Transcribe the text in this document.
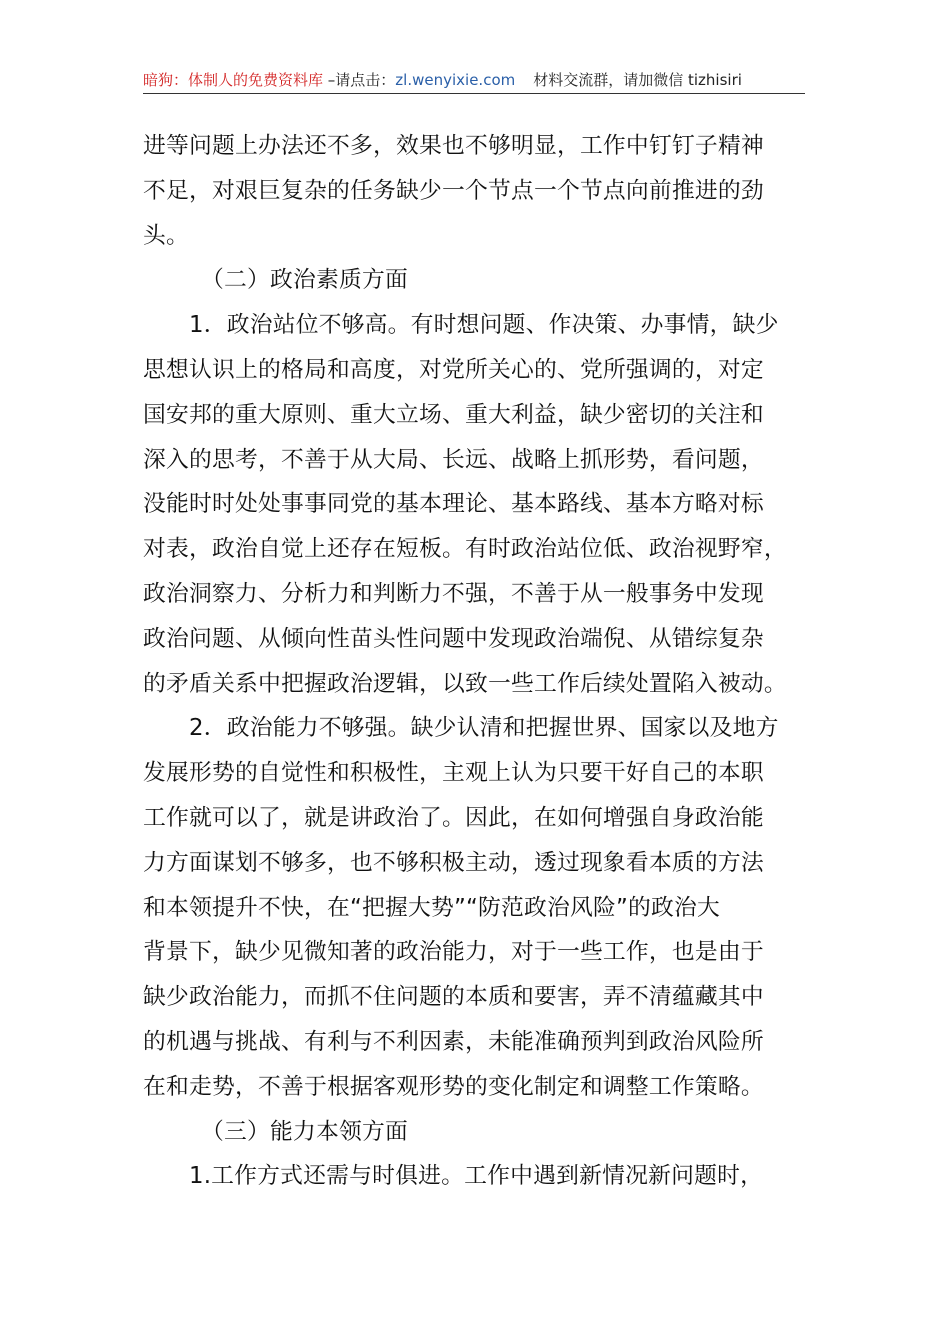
暗狗：体制人的免费资料库 –请点击：zl.wenyixie.com 材料交流群，请加微信 tizhisiri
进等问题上办法还不多，效果也不够明显，工作中钉钉子精神
不足，对艰巨复杂的任务缺少一个节点一个节点向前推进的劲
头。
（二）政治素质方面
1．政治站位不够高。有时想问题、作决策、办事情，缺少
思想认识上的格局和高度，对党所关心的、党所强调的，对定
国安邦的重大原则、重大立场、重大利益，缺少密切的关注和
深入的思考，不善于从大局、长远、战略上抓形势，看问题，
没能时时处处事事同党的基本理论、基本路线、基本方略对标
对表，政治自觉上还存在短板。有时政治站位低、政治视野窄，
政治洞察力、分析力和判断力不强，不善于从一般事务中发现
政治问题、从倾向性苗头性问题中发现政治端倪、从错综复杂
的矛盾关系中把握政治逻辑，以致一些工作后续处置陷入被动。
2．政治能力不够强。缺少认清和把握世界、国家以及地方
发展形势的自觉性和积极性，主观上认为只要干好自己的本职
工作就可以了，就是讲政治了。因此，在如何增强自身政治能
力方面谋划不够多，也不够积极主动，透过现象看本质的方法
和本领提升不快，在“把握大势”“防范政治风险”的政治大
背景下，缺少见微知著的政治能力，对于一些工作，也是由于
缺少政治能力，而抓不住问题的本质和要害，弄不清蕴藏其中
的机遇与挑战、有利与不利因素，未能准确预判到政治风险所
在和走势，不善于根据客观形势的变化制定和调整工作策略。
（三）能力本领方面
1.工作方式还需与时俱进。工作中遇到新情况新问题时，
